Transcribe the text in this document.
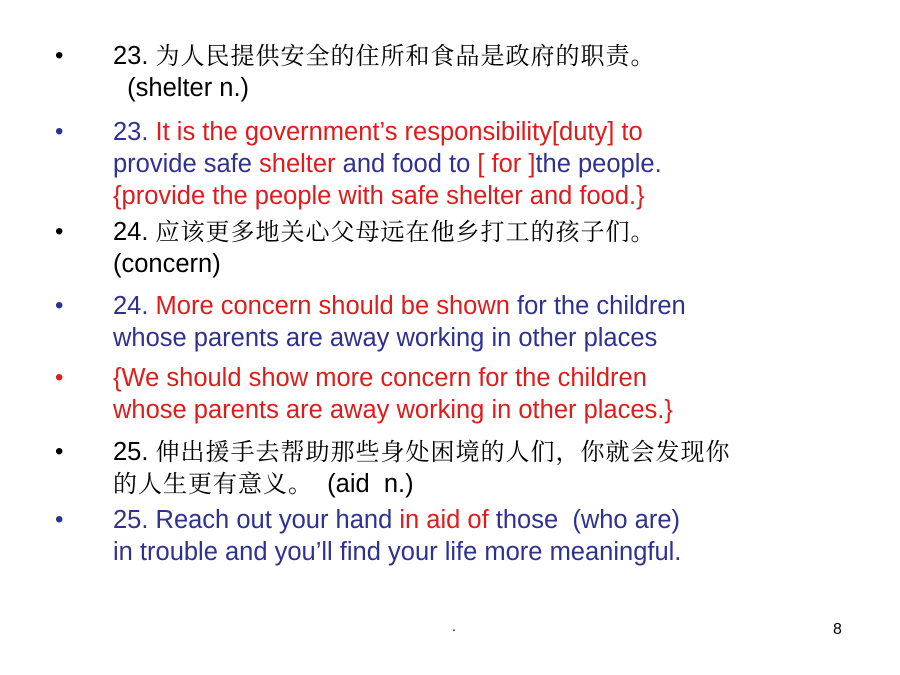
• 23. 为人民提供安全的住所和食品是政府的职责。
(shelter n.)
• 23. It is the government’s responsibility[duty] to
provide safe shelter and food to [ for ]the people.
{provide the people with safe shelter and food.}
• 24. 应该更多地关心父母远在他乡打工的孩子们。
(concern)
• 24. More concern should be shown for the children
whose parents are away working in other places
• {We should show more concern for the children
whose parents are away working in other places.}
• 25. 伸出援手去帮助那些身处困境的人们，你就会发现你
的人生更有意义。  (aid  n.)
• 25. Reach out your hand in aid of those  (who are)
in trouble and you’ll find your life more meaningful.
.	8
